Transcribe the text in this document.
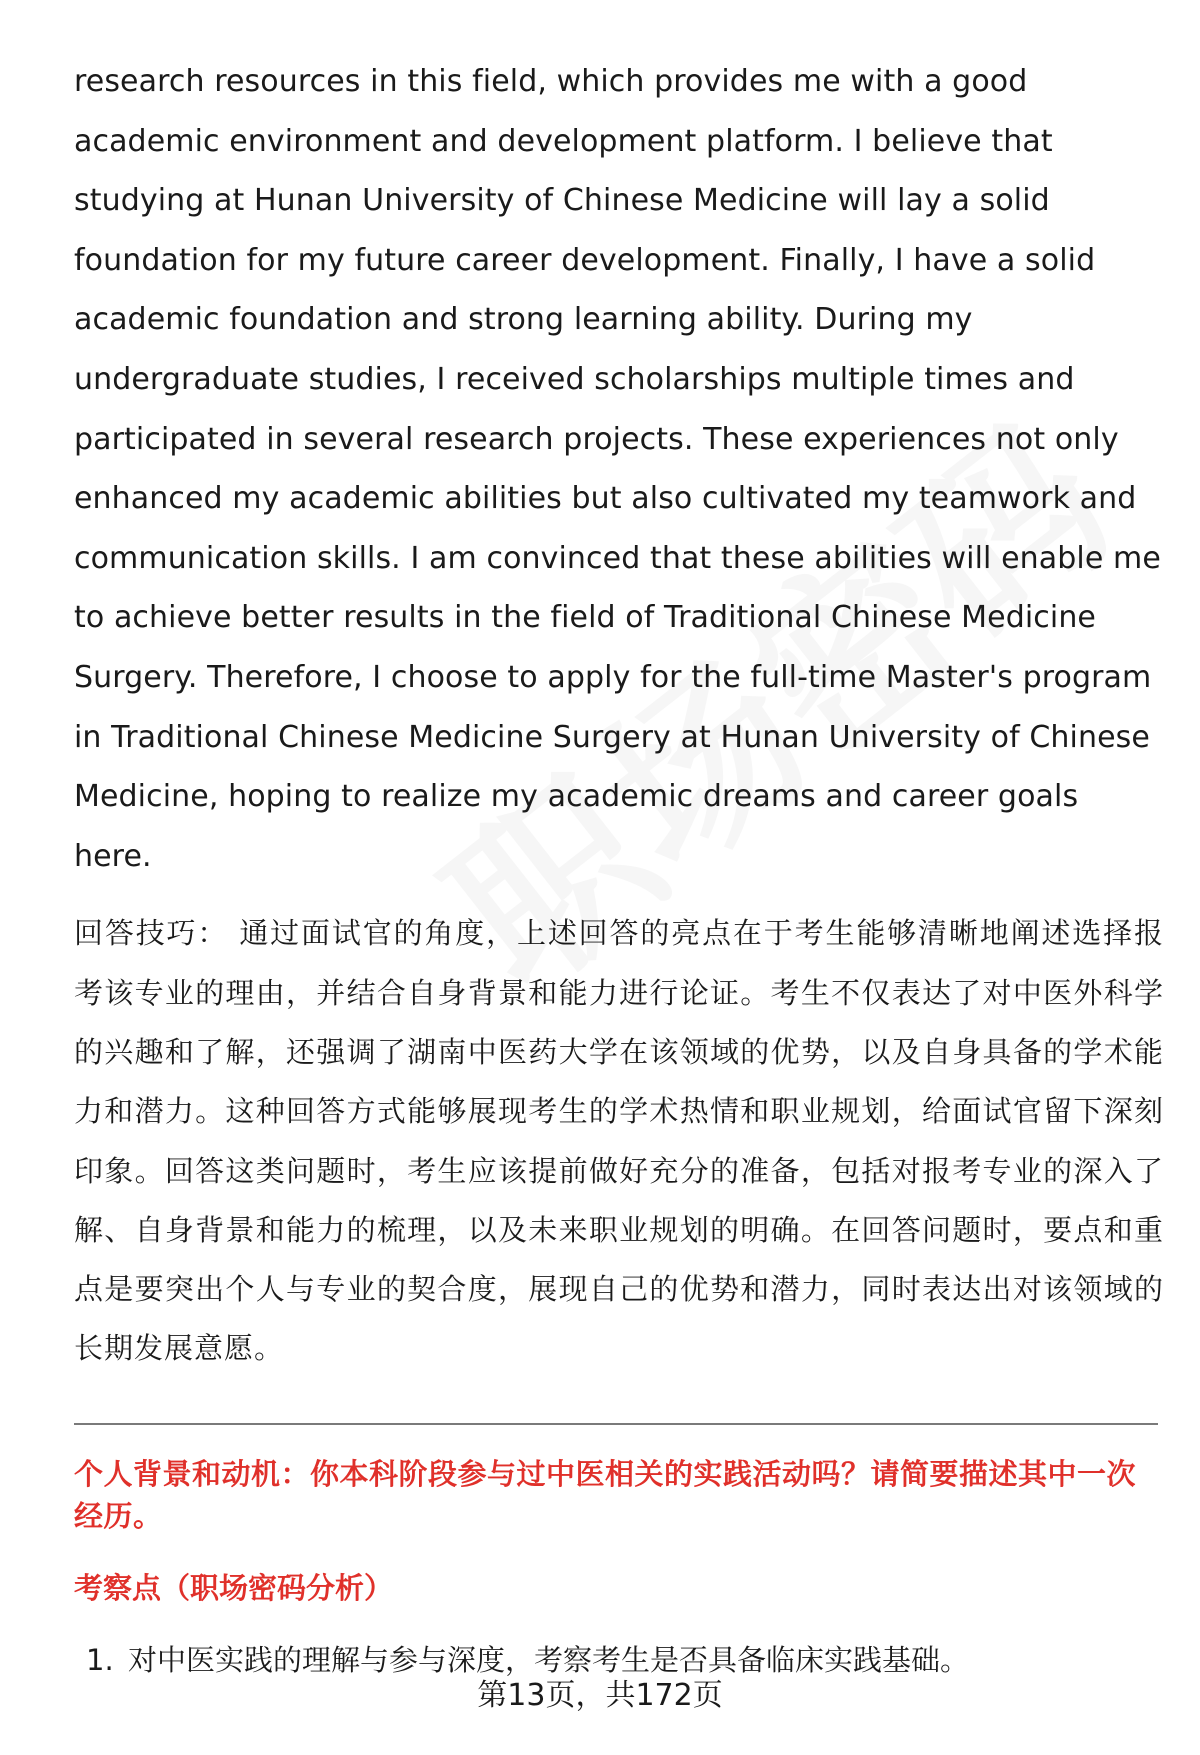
research resources in this field, which provides me with a good academic environment and development platform. I believe that studying at Hunan University of Chinese Medicine will lay a solid foundation for my future career development. Finally, I have a solid academic foundation and strong learning ability. During my undergraduate studies, I received scholarships multiple times and participated in several research projects. These experiences not only enhanced my academic abilities but also cultivated my teamwork and communication skills. I am convinced that these abilities will enable me to achieve better results in the field of Traditional Chinese Medicine Surgery. Therefore, I choose to apply for the full-time Master's program in Traditional Chinese Medicine Surgery at Hunan University of Chinese Medicine, hoping to realize my academic dreams and career goals here.

回答技巧： 通过面试官的角度，上述回答的亮点在于考生能够清晰地阐述选择报考该专业的理由，并结合自身背景和能力进行论证。考生不仅表达了对中医外科学的兴趣和了解，还强调了湖南中医药大学在该领域的优势，以及自身具备的学术能力和潜力。这种回答方式能够展现考生的学术热情和职业规划，给面试官留下深刻印象。回答这类问题时，考生应该提前做好充分的准备，包括对报考专业的深入了解、自身背景和能力的梳理，以及未来职业规划的明确。在回答问题时，要点和重点是要突出个人与专业的契合度，展现自己的优势和潜力，同时表达出对该领域的长期发展意愿。

个人背景和动机：你本科阶段参与过中医相关的实践活动吗？请简要描述其中一次经历。
考察点（职场密码分析）
1. 对中医实践的理解与参与深度，考察考生是否具备临床实践基础。
第13页，共172页
